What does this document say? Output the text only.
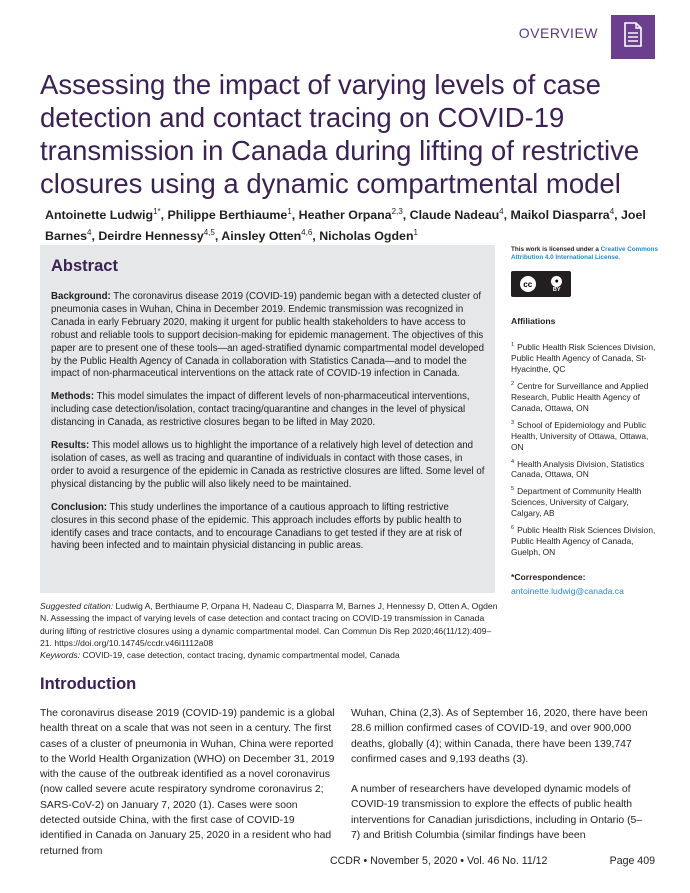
OVERVIEW
Assessing the impact of varying levels of case detection and contact tracing on COVID-19 transmission in Canada during lifting of restrictive closures using a dynamic compartmental model
Antoinette Ludwig$^{1*}$, Philippe Berthiaume$^1$, Heather Orpana$^{2,3}$, Claude Nadeau$^4$, Maikol Diasparra$^4$, Joel Barnes$^4$, Deirdre Hennessy$^{4,5}$, Ainsley Otten$^{4,6}$, Nicholas Ogden$^1$
Abstract

Background: The coronavirus disease 2019 (COVID-19) pandemic began with a detected cluster of pneumonia cases in Wuhan, China in December 2019. Endemic transmission was recognized in Canada in early February 2020, making it urgent for public health stakeholders to have access to robust and reliable tools to support decision-making for epidemic management. The objectives of this paper are to present one of these tools—an aged-stratified dynamic compartmental model developed by the Public Health Agency of Canada in collaboration with Statistics Canada—and to model the impact of non-pharmaceutical interventions on the attack rate of COVID-19 infection in Canada.

Methods: This model simulates the impact of different levels of non-pharmaceutical interventions, including case detection/isolation, contact tracing/quarantine and changes in the level of physical distancing in Canada, as restrictive closures began to be lifted in May 2020.

Results: This model allows us to highlight the importance of a relatively high level of detection and isolation of cases, as well as tracing and quarantine of individuals in contact with those cases, in order to avoid a resurgence of the epidemic in Canada as restrictive closures are lifted. Some level of physical distancing by the public will also likely need to be maintained.

Conclusion: This study underlines the importance of a cautious approach to lifting restrictive closures in this second phase of the epidemic. This approach includes efforts by public health to identify cases and trace contacts, and to encourage Canadians to get tested if they are at risk of having been infected and to maintain physicial distancing in public areas.

Suggested citation: Ludwig A, Berthiaume P, Orpana H, Nadeau C, Diasparra M, Barnes J, Hennessy D, Otten A, Ogden N. Assessing the impact of varying levels of case detection and contact tracing on COVID-19 transmission in Canada during lifting of restrictive closures using a dynamic compartmental model. Can Commun Dis Rep 2020;46(11/12):409–21. https://doi.org/10.14745/ccdr.v46i1112a08
Keywords: COVID-19, case detection, contact tracing, dynamic compartmental model, Canada
This work is licensed under a Creative Commons Attribution 4.0 International License.
cc	●
BY
Affiliations
$^1$ Public Health Risk Sciences Division, Public Health Agency of Canada, St-Hyacinthe, QC
$^2$ Centre for Surveillance and Applied Research, Public Health Agency of Canada, Ottawa, ON
$^3$ School of Epidemiology and Public Health, University of Ottawa, Ottawa, ON
$^4$ Health Analysis Division, Statistics Canada, Ottawa, ON
$^5$ Department of Community Health Sciences, University of Calgary, Calgary, AB
$^6$ Public Health Risk Sciences Division, Public Health Agency of Canada, Guelph, ON
*Correspondence:
antoinette.ludwig@canada.ca
Introduction

The coronavirus disease 2019 (COVID-19) pandemic is a global health threat on a scale that was not seen in a century. The first cases of a cluster of pneumonia in Wuhan, China were reported to the World Health Organization (WHO) on December 31, 2019 with the cause of the outbreak identified as a novel coronavirus (now called severe acute respiratory syndrome coronavirus 2; SARS-CoV-2) on January 7, 2020 (1). Cases were soon detected outside China, with the first case of COVID-19 identified in Canada on January 25, 2020 in a resident who had returned from

Wuhan, China (2,3). As of September 16, 2020, there have been 28.6 million confirmed cases of COVID-19, and over 900,000 deaths, globally (4); within Canada, there have been 139,747 confirmed cases and 9,193 deaths (3).

A number of researchers have developed dynamic models of COVID-19 transmission to explore the effects of public health interventions for Canadian jurisdictions, including in Ontario (5–7) and British Columbia (similar findings have been

CCDR • November 5, 2020 • Vol. 46 No. 11/12	Page 409
